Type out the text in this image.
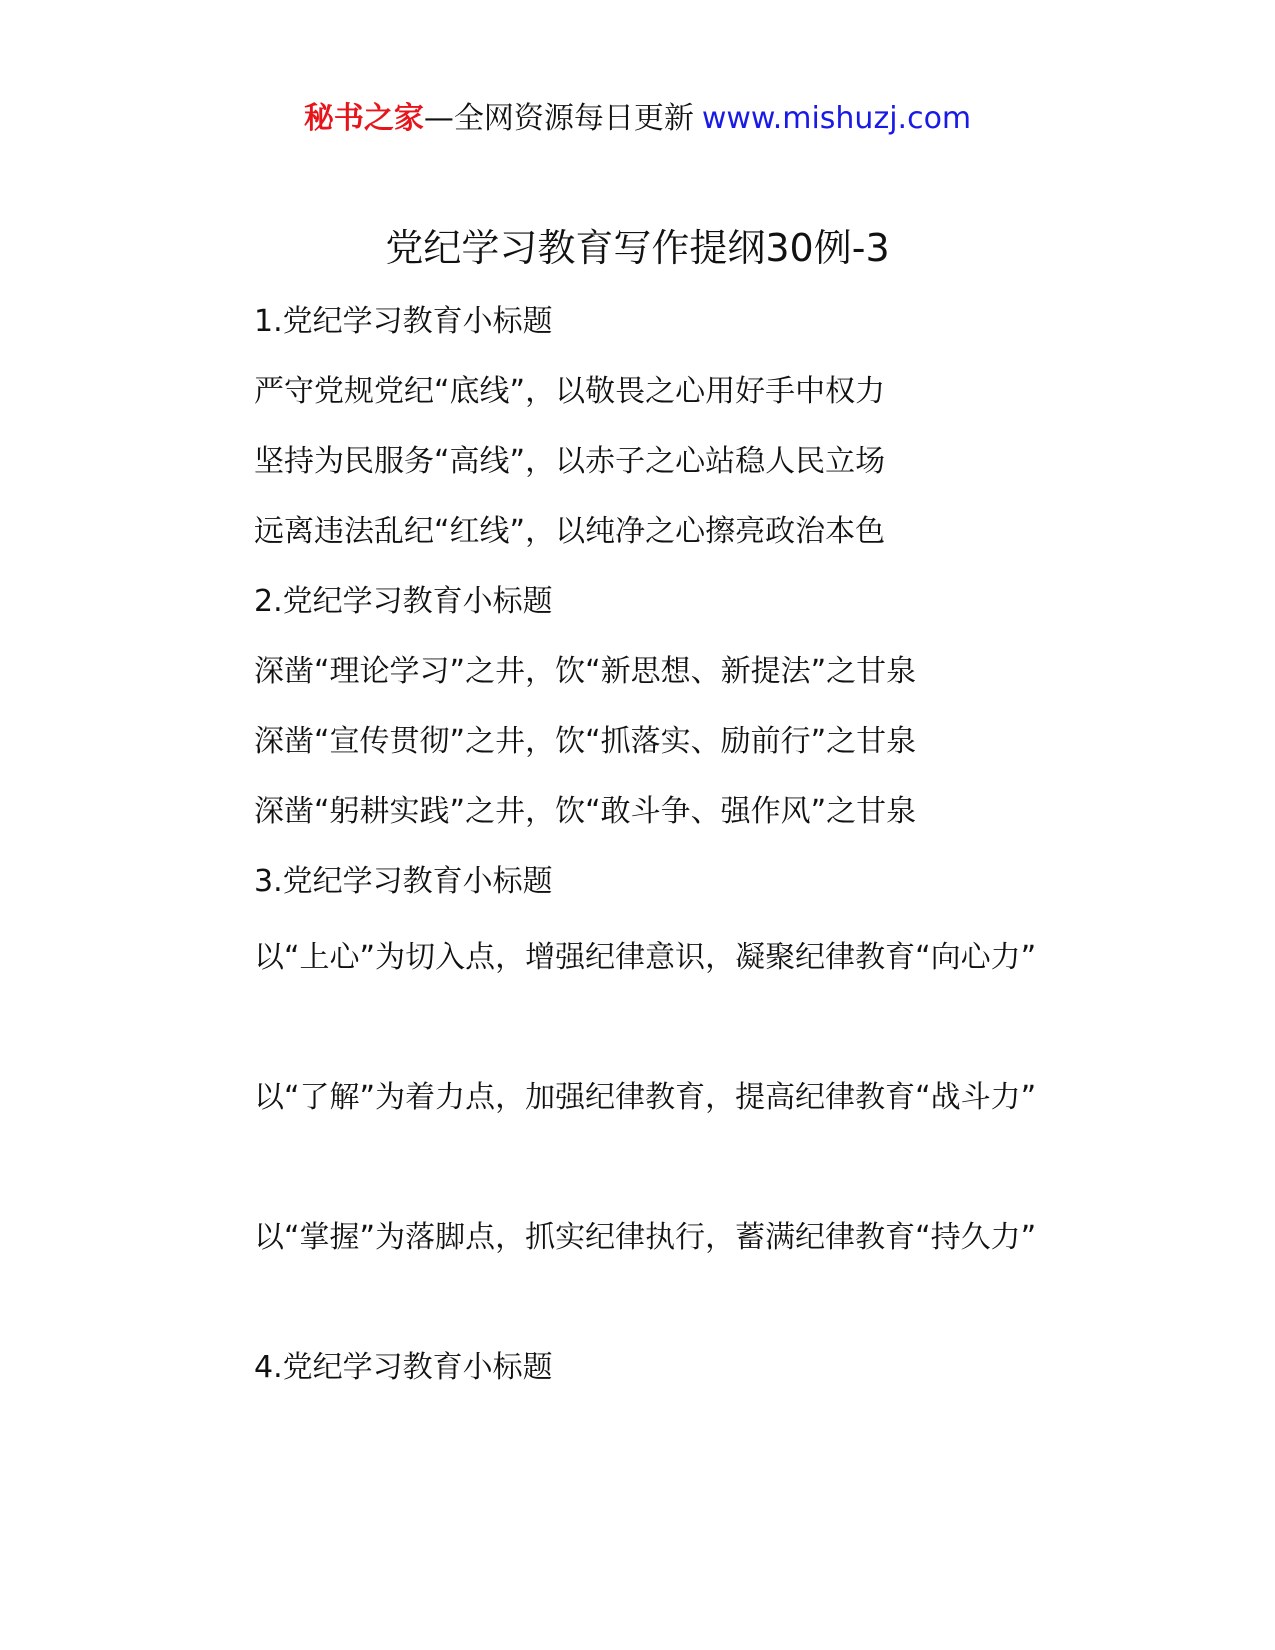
秘书之家—全网资源每日更新 www.mishuzj.com
党纪学习教育写作提纲30例-3

1.党纪学习教育小标题

严守党规党纪“底线”，以敬畏之心用好手中权力

坚持为民服务“高线”，以赤子之心站稳人民立场

远离违法乱纪“红线”，以纯净之心擦亮政治本色

2.党纪学习教育小标题

深凿“理论学习”之井，饮“新思想、新提法”之甘泉

深凿“宣传贯彻”之井，饮“抓落实、励前行”之甘泉

深凿“躬耕实践”之井，饮“敢斗争、强作风”之甘泉

3.党纪学习教育小标题

以“上心”为切入点，增强纪律意识，凝聚纪律教育“向心力”

以“了解”为着力点，加强纪律教育，提高纪律教育“战斗力”

以“掌握”为落脚点，抓实纪律执行，蓄满纪律教育“持久力”

4.党纪学习教育小标题
